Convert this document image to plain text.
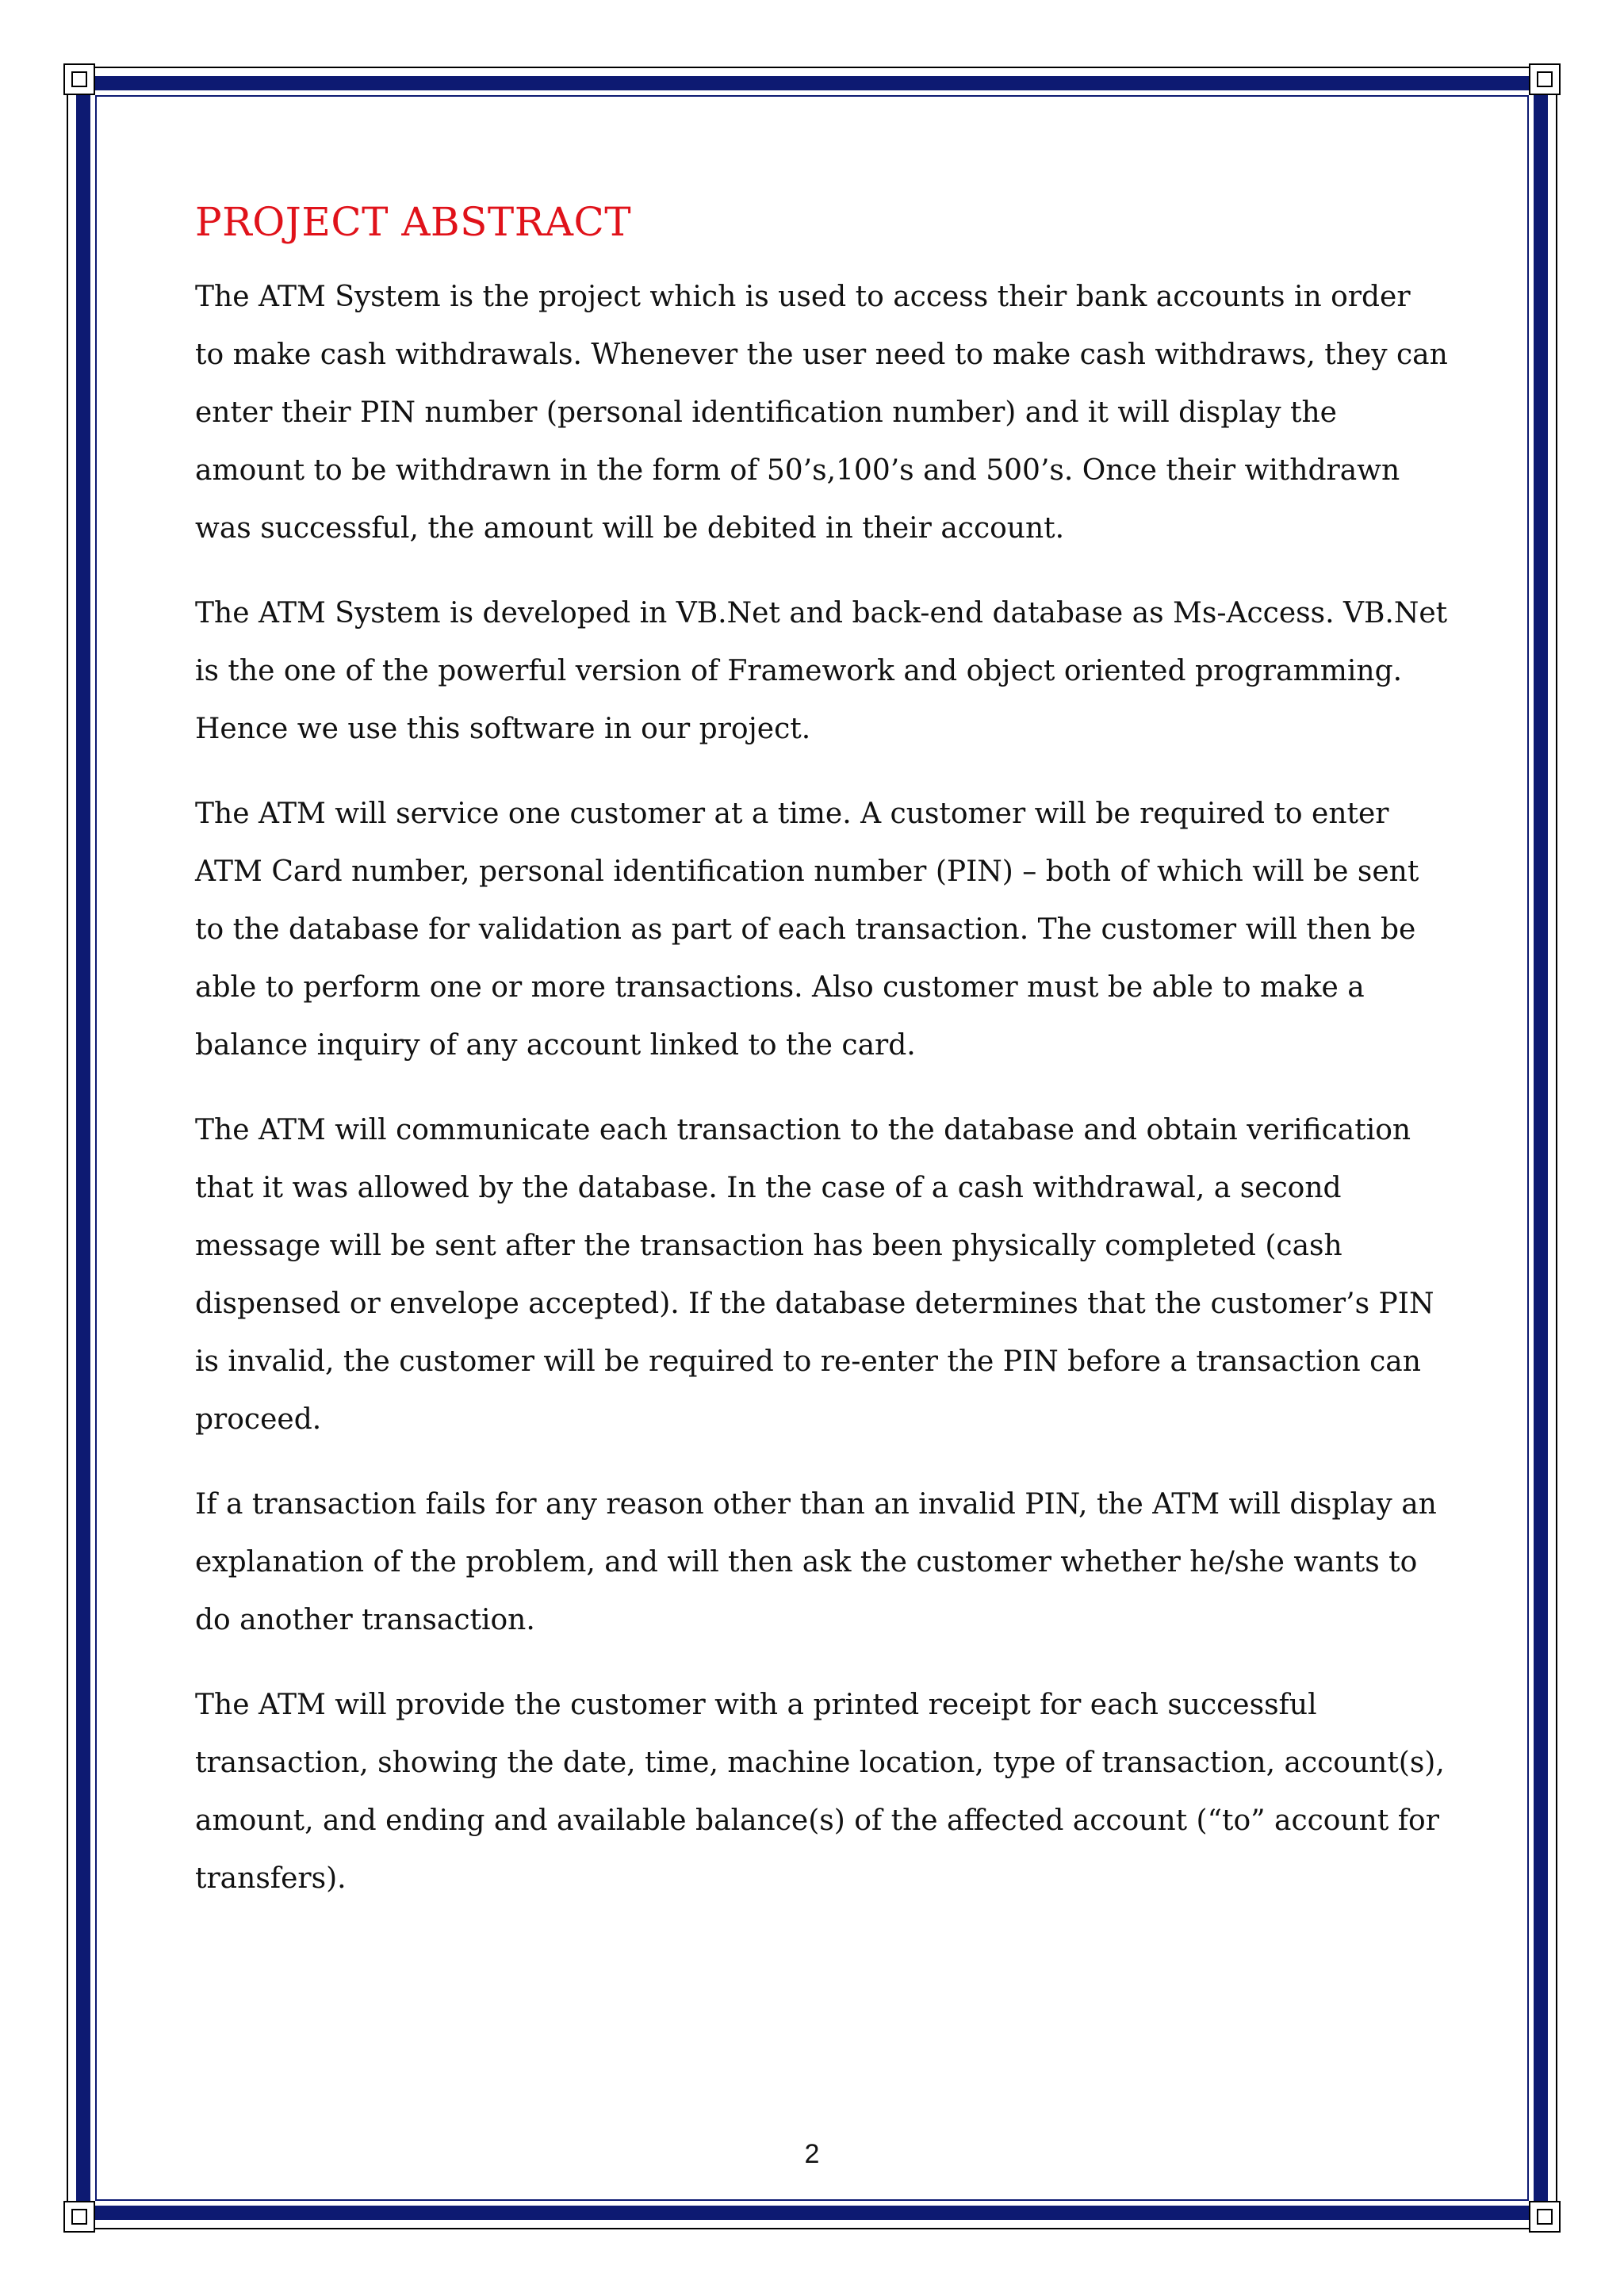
PROJECT ABSTRACT

The ATM System is the project which is used to access their bank accounts in order to make cash withdrawals. Whenever the user need to make cash withdraws, they can enter their PIN number (personal identification number) and it will display the amount to be withdrawn in the form of 50’s,100’s and 500’s. Once their withdrawn was successful, the amount will be debited in their account.

The ATM System is developed in VB.Net and back-end database as Ms-Access. VB.Net is the one of the powerful version of Framework and object oriented programming. Hence we use this software in our project.

The ATM will service one customer at a time. A customer will be required to enter ATM Card number, personal identification number (PIN) – both of which will be sent to the database for validation as part of each transaction. The customer will then be able to perform one or more transactions. Also customer must be able to make a balance inquiry of any account linked to the card.

The ATM will communicate each transaction to the database and obtain verification that it was allowed by the database. In the case of a cash withdrawal, a second message will be sent after the transaction has been physically completed (cash dispensed or envelope accepted). If the database determines that the customer’s PIN is invalid, the customer will be required to re-enter the PIN before a transaction can proceed.

If a transaction fails for any reason other than an invalid PIN, the ATM will display an explanation of the problem, and will then ask the customer whether he/she wants to do another transaction.

The ATM will provide the customer with a printed receipt for each successful transaction, showing the date, time, machine location, type of transaction, account(s), amount, and ending and available balance(s) of the affected account (“to” account for transfers).

2
